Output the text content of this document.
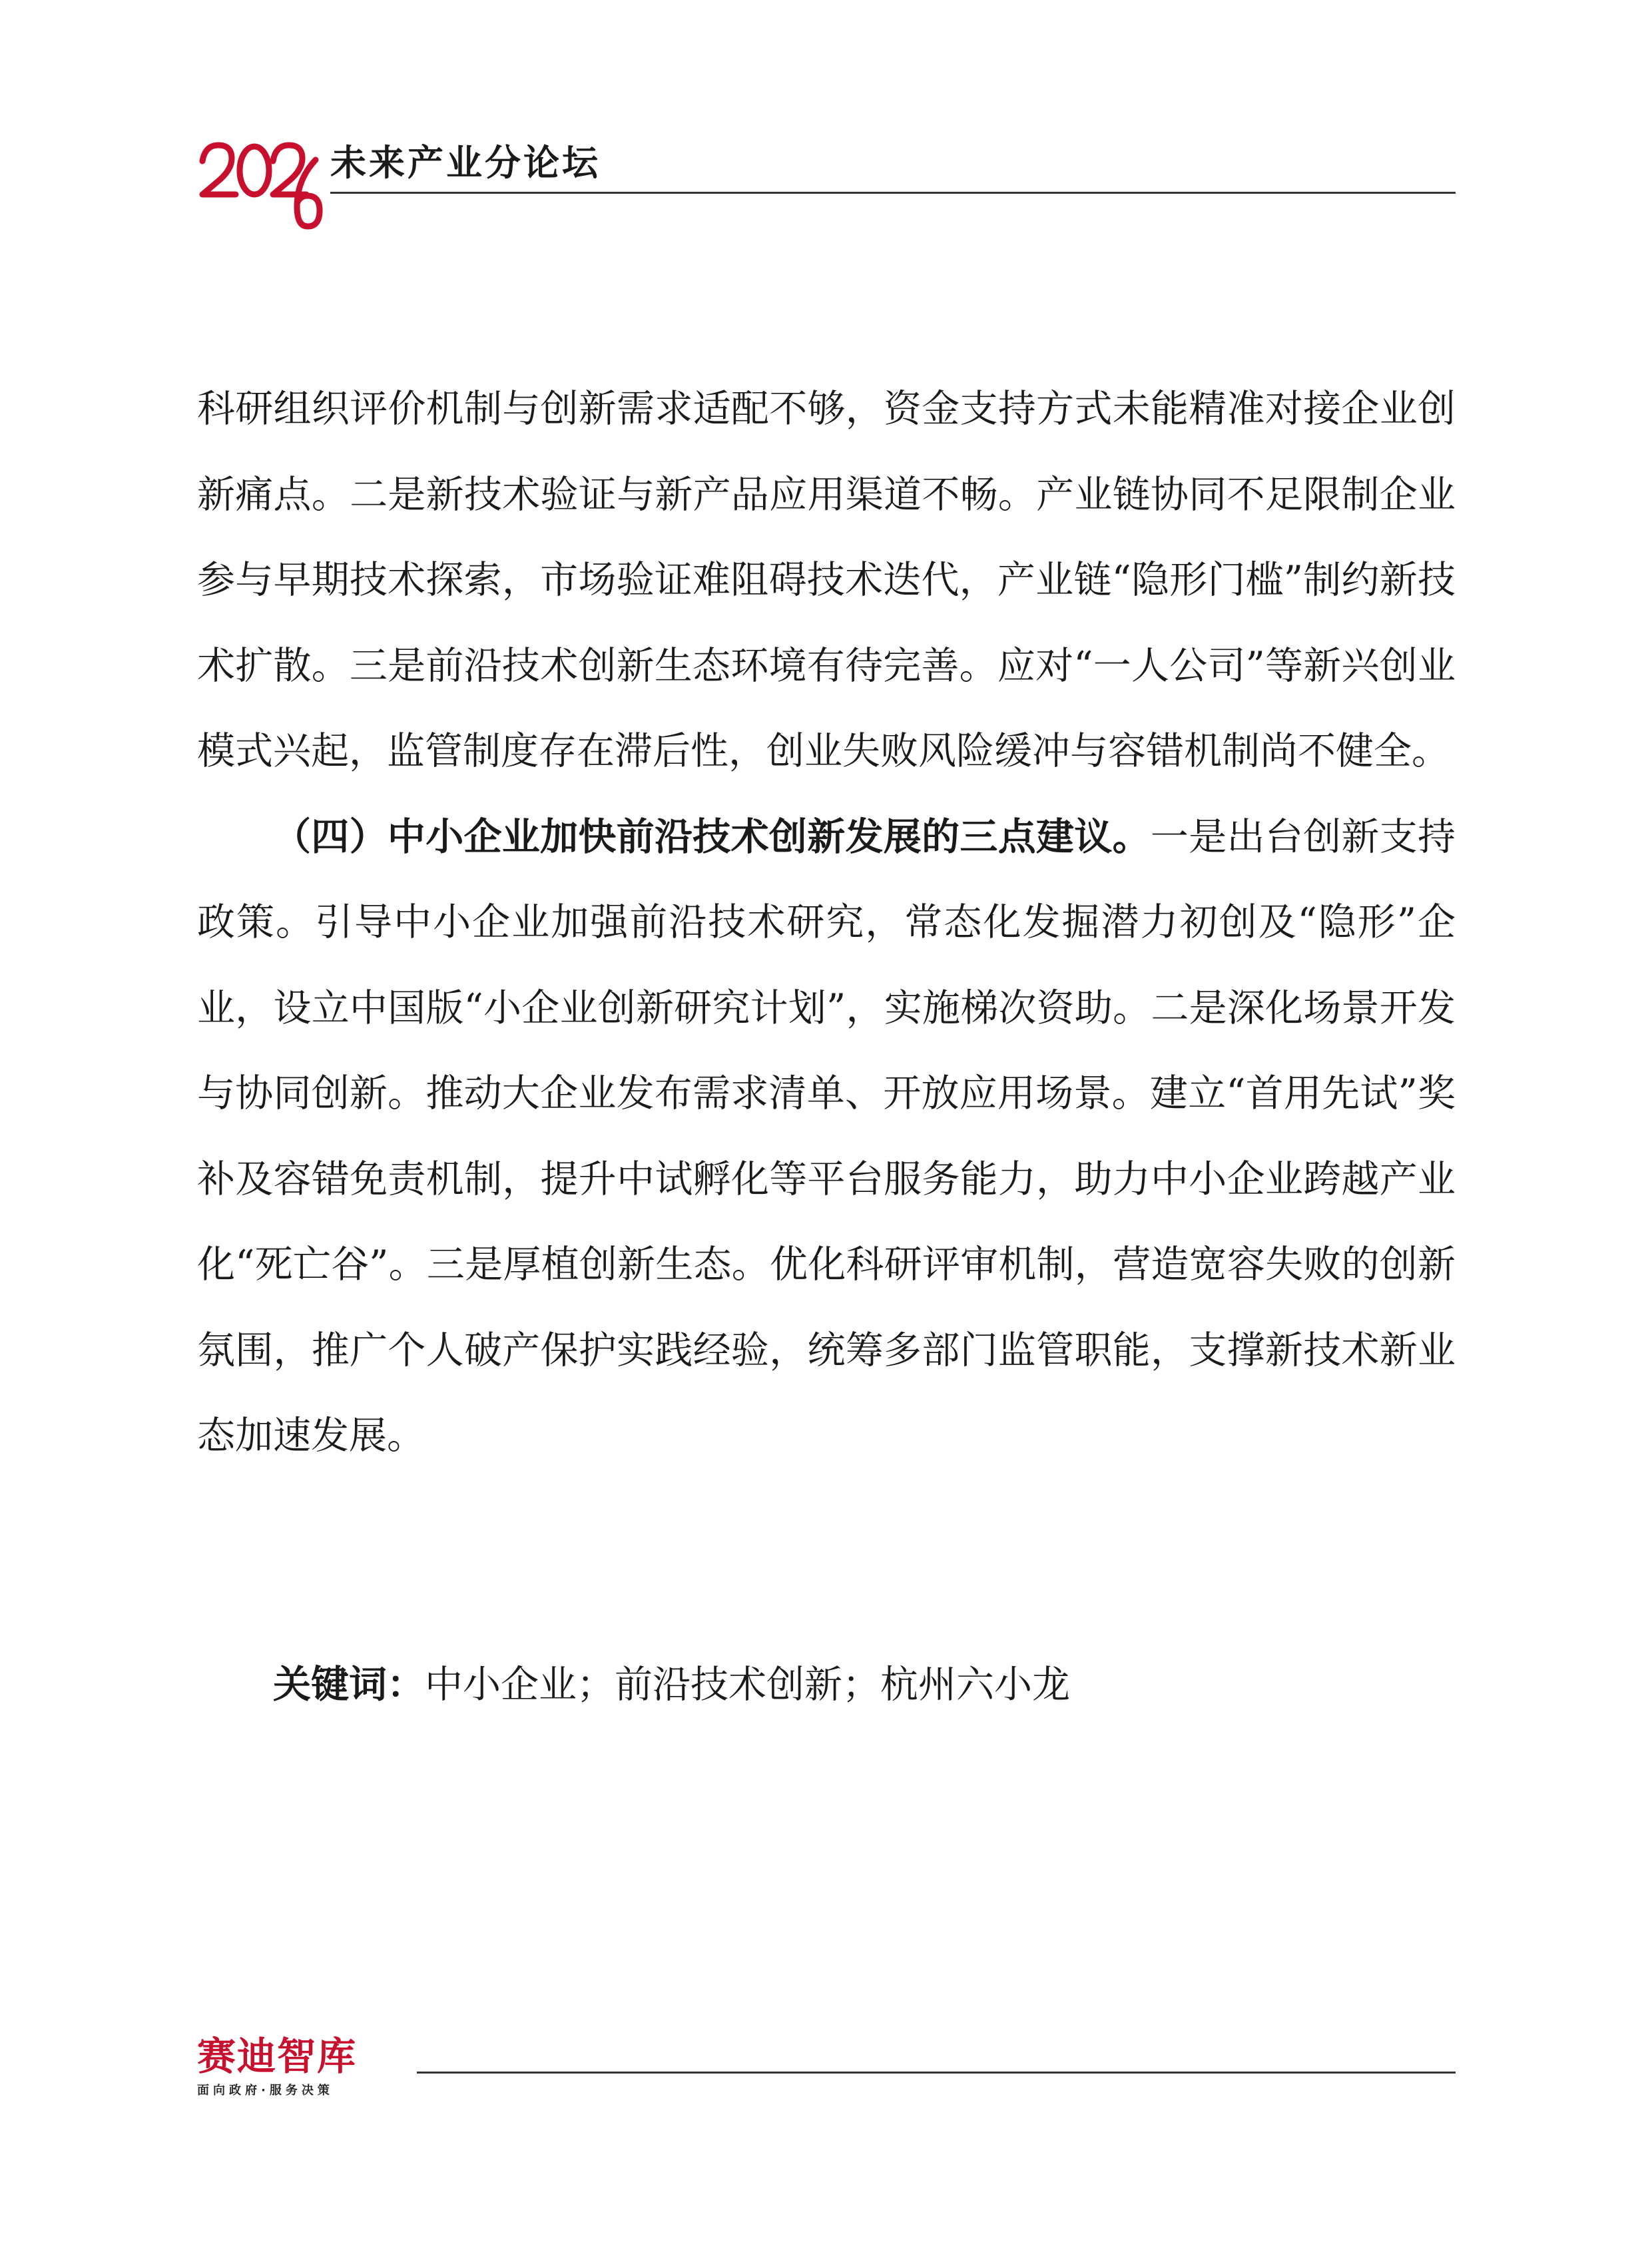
未来产业分论坛

科研组织评价机制与创新需求适配不够，资金支持方式未能精准对接企业创新痛点。二是新技术验证与新产品应用渠道不畅。产业链协同不足限制企业参与早期技术探索，市场验证难阻碍技术迭代，产业链“隐形门槛”制约新技术扩散。三是前沿技术创新生态环境有待完善。应对“一人公司”等新兴创业模式兴起，监管制度存在滞后性，创业失败风险缓冲与容错机制尚不健全。

（四）中小企业加快前沿技术创新发展的三点建议。一是出台创新支持政策。引导中小企业加强前沿技术研究，常态化发掘潜力初创及“隐形”企业，设立中国版“小企业创新研究计划”，实施梯次资助。二是深化场景开发与协同创新。推动大企业发布需求清单、开放应用场景。建立“首用先试”奖补及容错免责机制，提升中试孵化等平台服务能力，助力中小企业跨越产业化“死亡谷”。三是厚植创新生态。优化科研评审机制，营造宽容失败的创新氛围，推广个人破产保护实践经验，统筹多部门监管职能，支撑新技术新业态加速发展。

关键词：中小企业；前沿技术创新；杭州六小龙
赛迪智库
面向政府·服务决策
